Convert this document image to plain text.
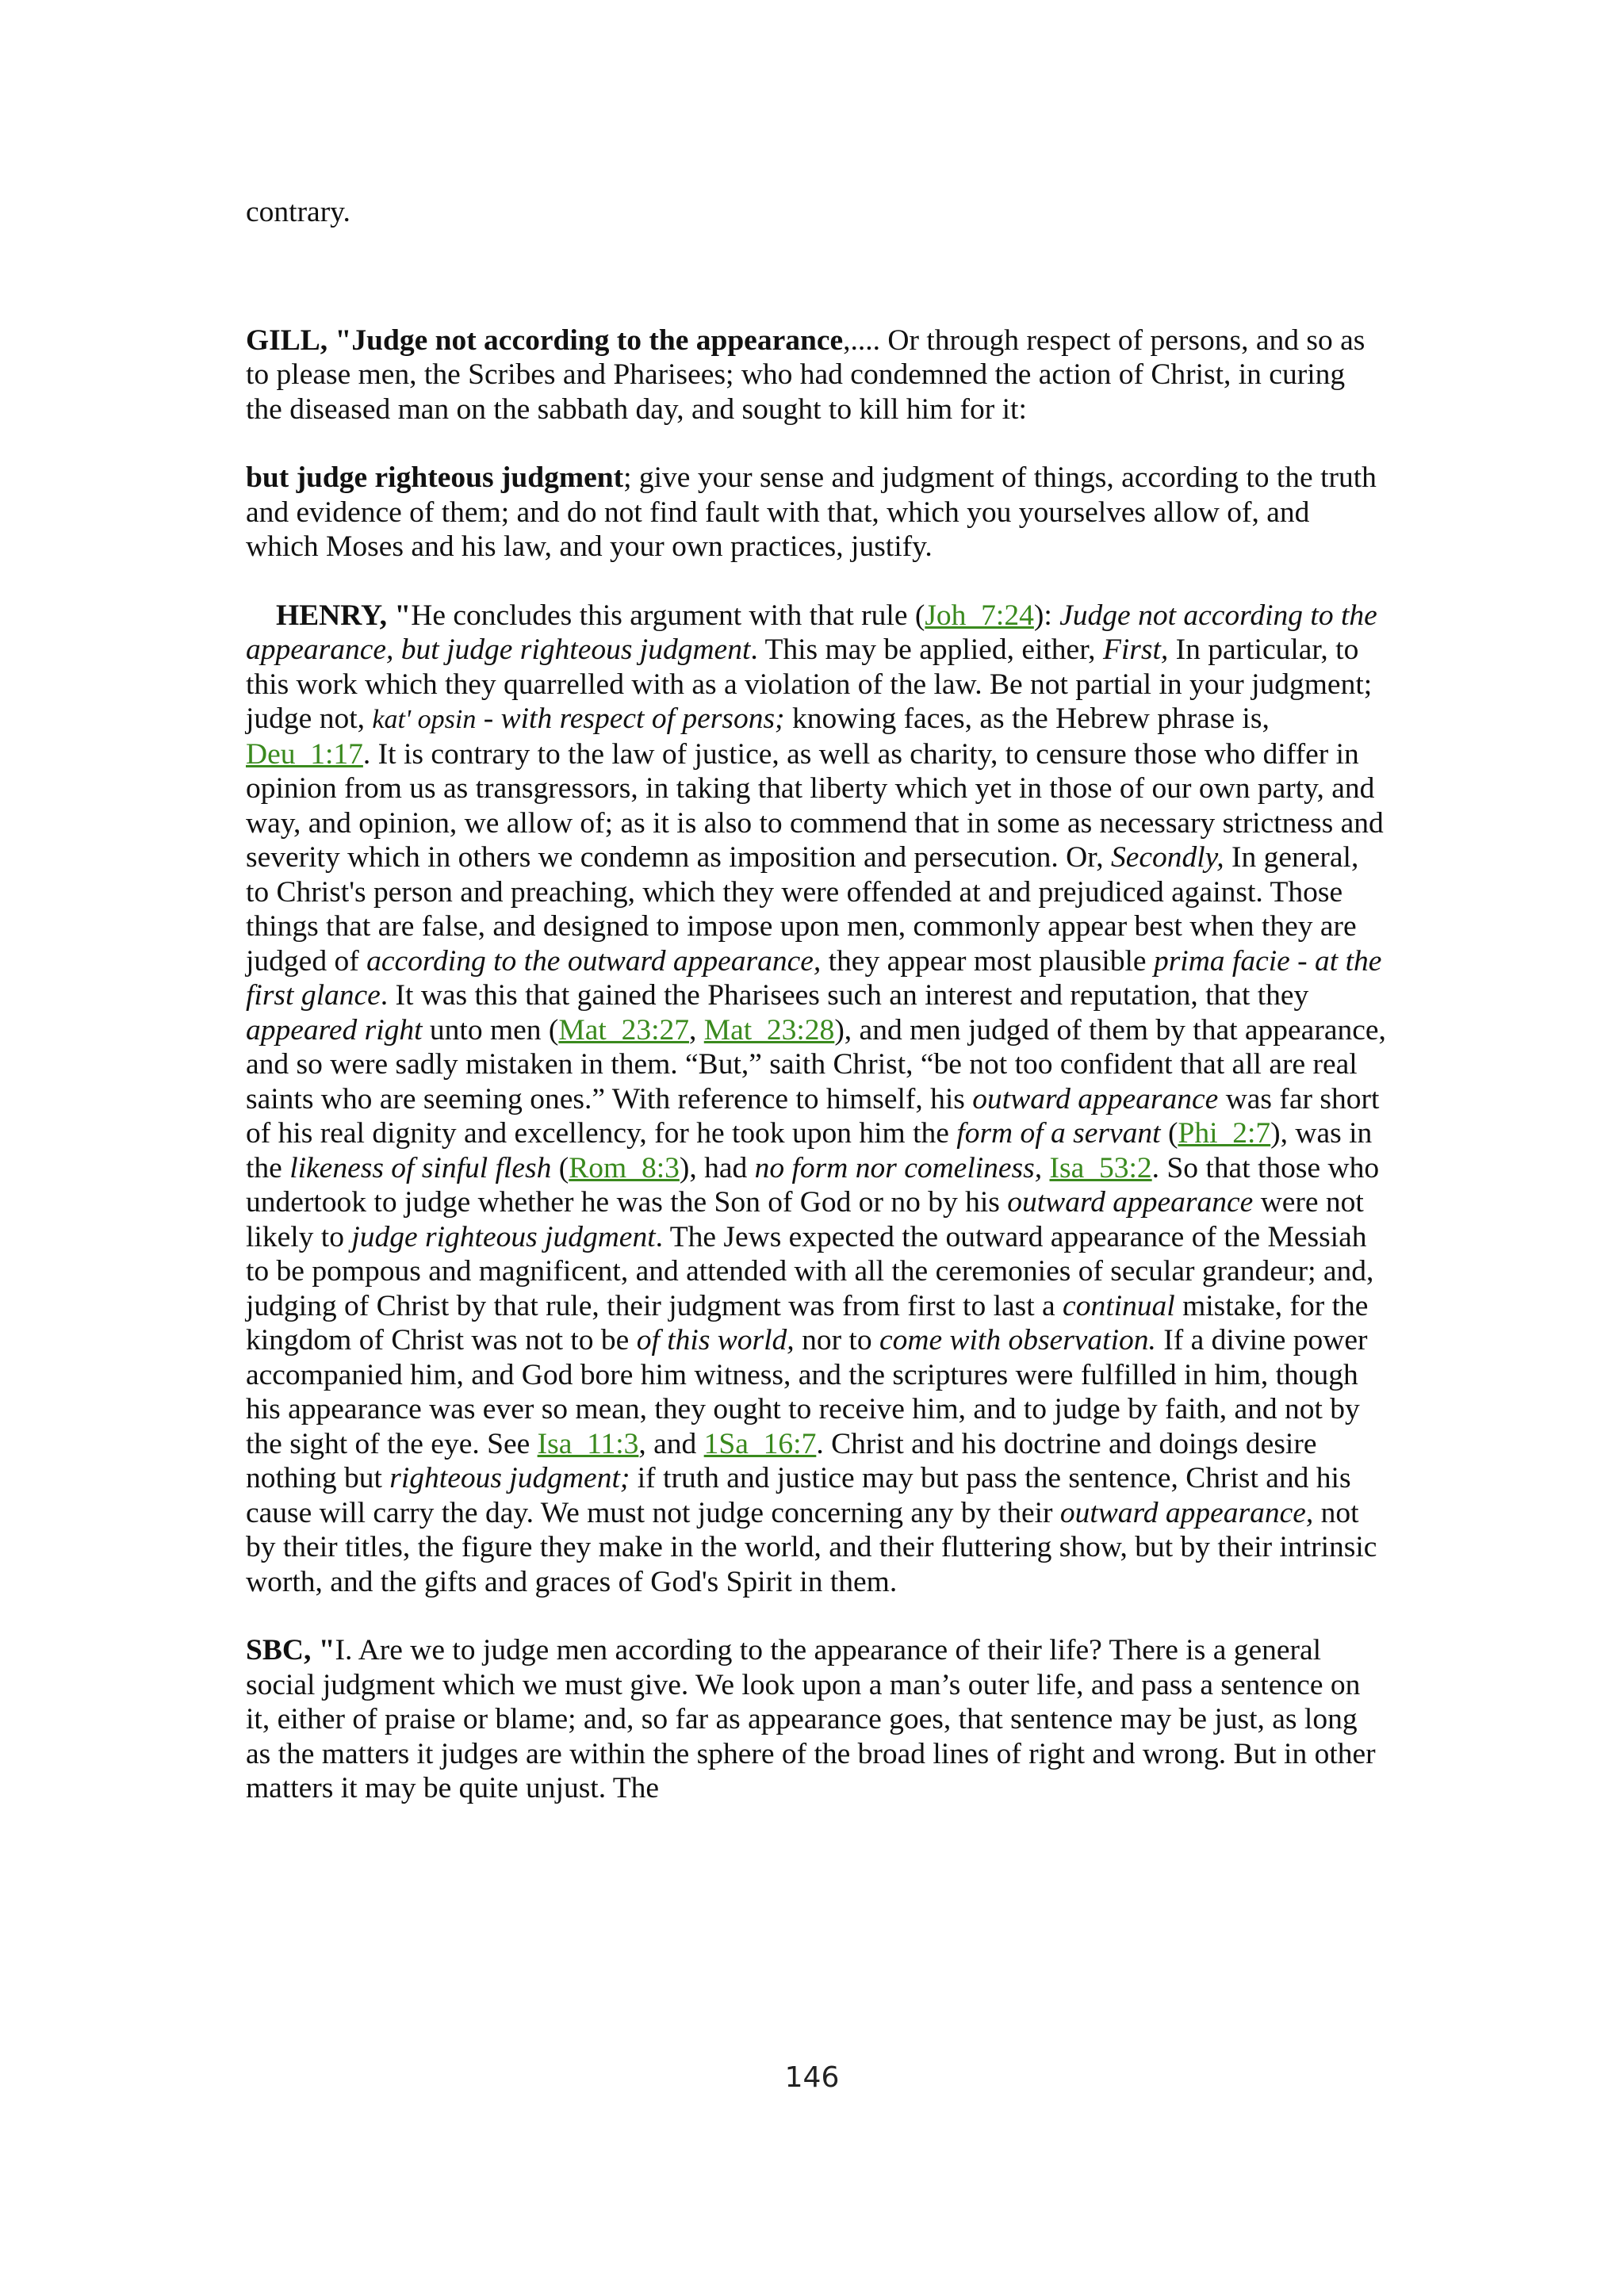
contrary.

GILL, "Judge not according to the appearance,.... Or through respect of persons, and so as to please men, the Scribes and Pharisees; who had condemned the action of Christ, in curing the diseased man on the sabbath day, and sought to kill him for it:

but judge righteous judgment; give your sense and judgment of things, according to the truth and evidence of them; and do not find fault with that, which you yourselves allow of, and which Moses and his law, and your own practices, justify.

HENRY, "He concludes this argument with that rule (Joh_7:24): Judge not according to the appearance, but judge righteous judgment. This may be applied, either, First, In particular, to this work which they quarrelled with as a violation of the law. Be not partial in your judgment; judge not, kat' opsin - with respect of persons; knowing faces, as the Hebrew phrase is, Deu_1:17. It is contrary to the law of justice, as well as charity, to censure those who differ in opinion from us as transgressors, in taking that liberty which yet in those of our own party, and way, and opinion, we allow of; as it is also to commend that in some as necessary strictness and severity which in others we condemn as imposition and persecution. Or, Secondly, In general, to Christ's person and preaching, which they were offended at and prejudiced against. Those things that are false, and designed to impose upon men, commonly appear best when they are judged of according to the outward appearance, they appear most plausible prima facie - at the first glance. It was this that gained the Pharisees such an interest and reputation, that they appeared right unto men (Mat_23:27, Mat_23:28), and men judged of them by that appearance, and so were sadly mistaken in them. “But,” saith Christ, “be not too confident that all are real saints who are seeming ones.” With reference to himself, his outward appearance was far short of his real dignity and excellency, for he took upon him the form of a servant (Phi_2:7), was in the likeness of sinful flesh (Rom_8:3), had no form nor comeliness, Isa_53:2. So that those who undertook to judge whether he was the Son of God or no by his outward appearance were not likely to judge righteous judgment. The Jews expected the outward appearance of the Messiah to be pompous and magnificent, and attended with all the ceremonies of secular grandeur; and, judging of Christ by that rule, their judgment was from first to last a continual mistake, for the kingdom of Christ was not to be of this world, nor to come with observation. If a divine power accompanied him, and God bore him witness, and the scriptures were fulfilled in him, though his appearance was ever so mean, they ought to receive him, and to judge by faith, and not by the sight of the eye. See Isa_11:3, and 1Sa_16:7. Christ and his doctrine and doings desire nothing but righteous judgment; if truth and justice may but pass the sentence, Christ and his cause will carry the day. We must not judge concerning any by their outward appearance, not by their titles, the figure they make in the world, and their fluttering show, but by their intrinsic worth, and the gifts and graces of God's Spirit in them.

SBC, "I. Are we to judge men according to the appearance of their life? There is a general social judgment which we must give. We look upon a man’s outer life, and pass a sentence on it, either of praise or blame; and, so far as appearance goes, that sentence may be just, as long as the matters it judges are within the sphere of the broad lines of right and wrong. But in other matters it may be quite unjust. The

146
